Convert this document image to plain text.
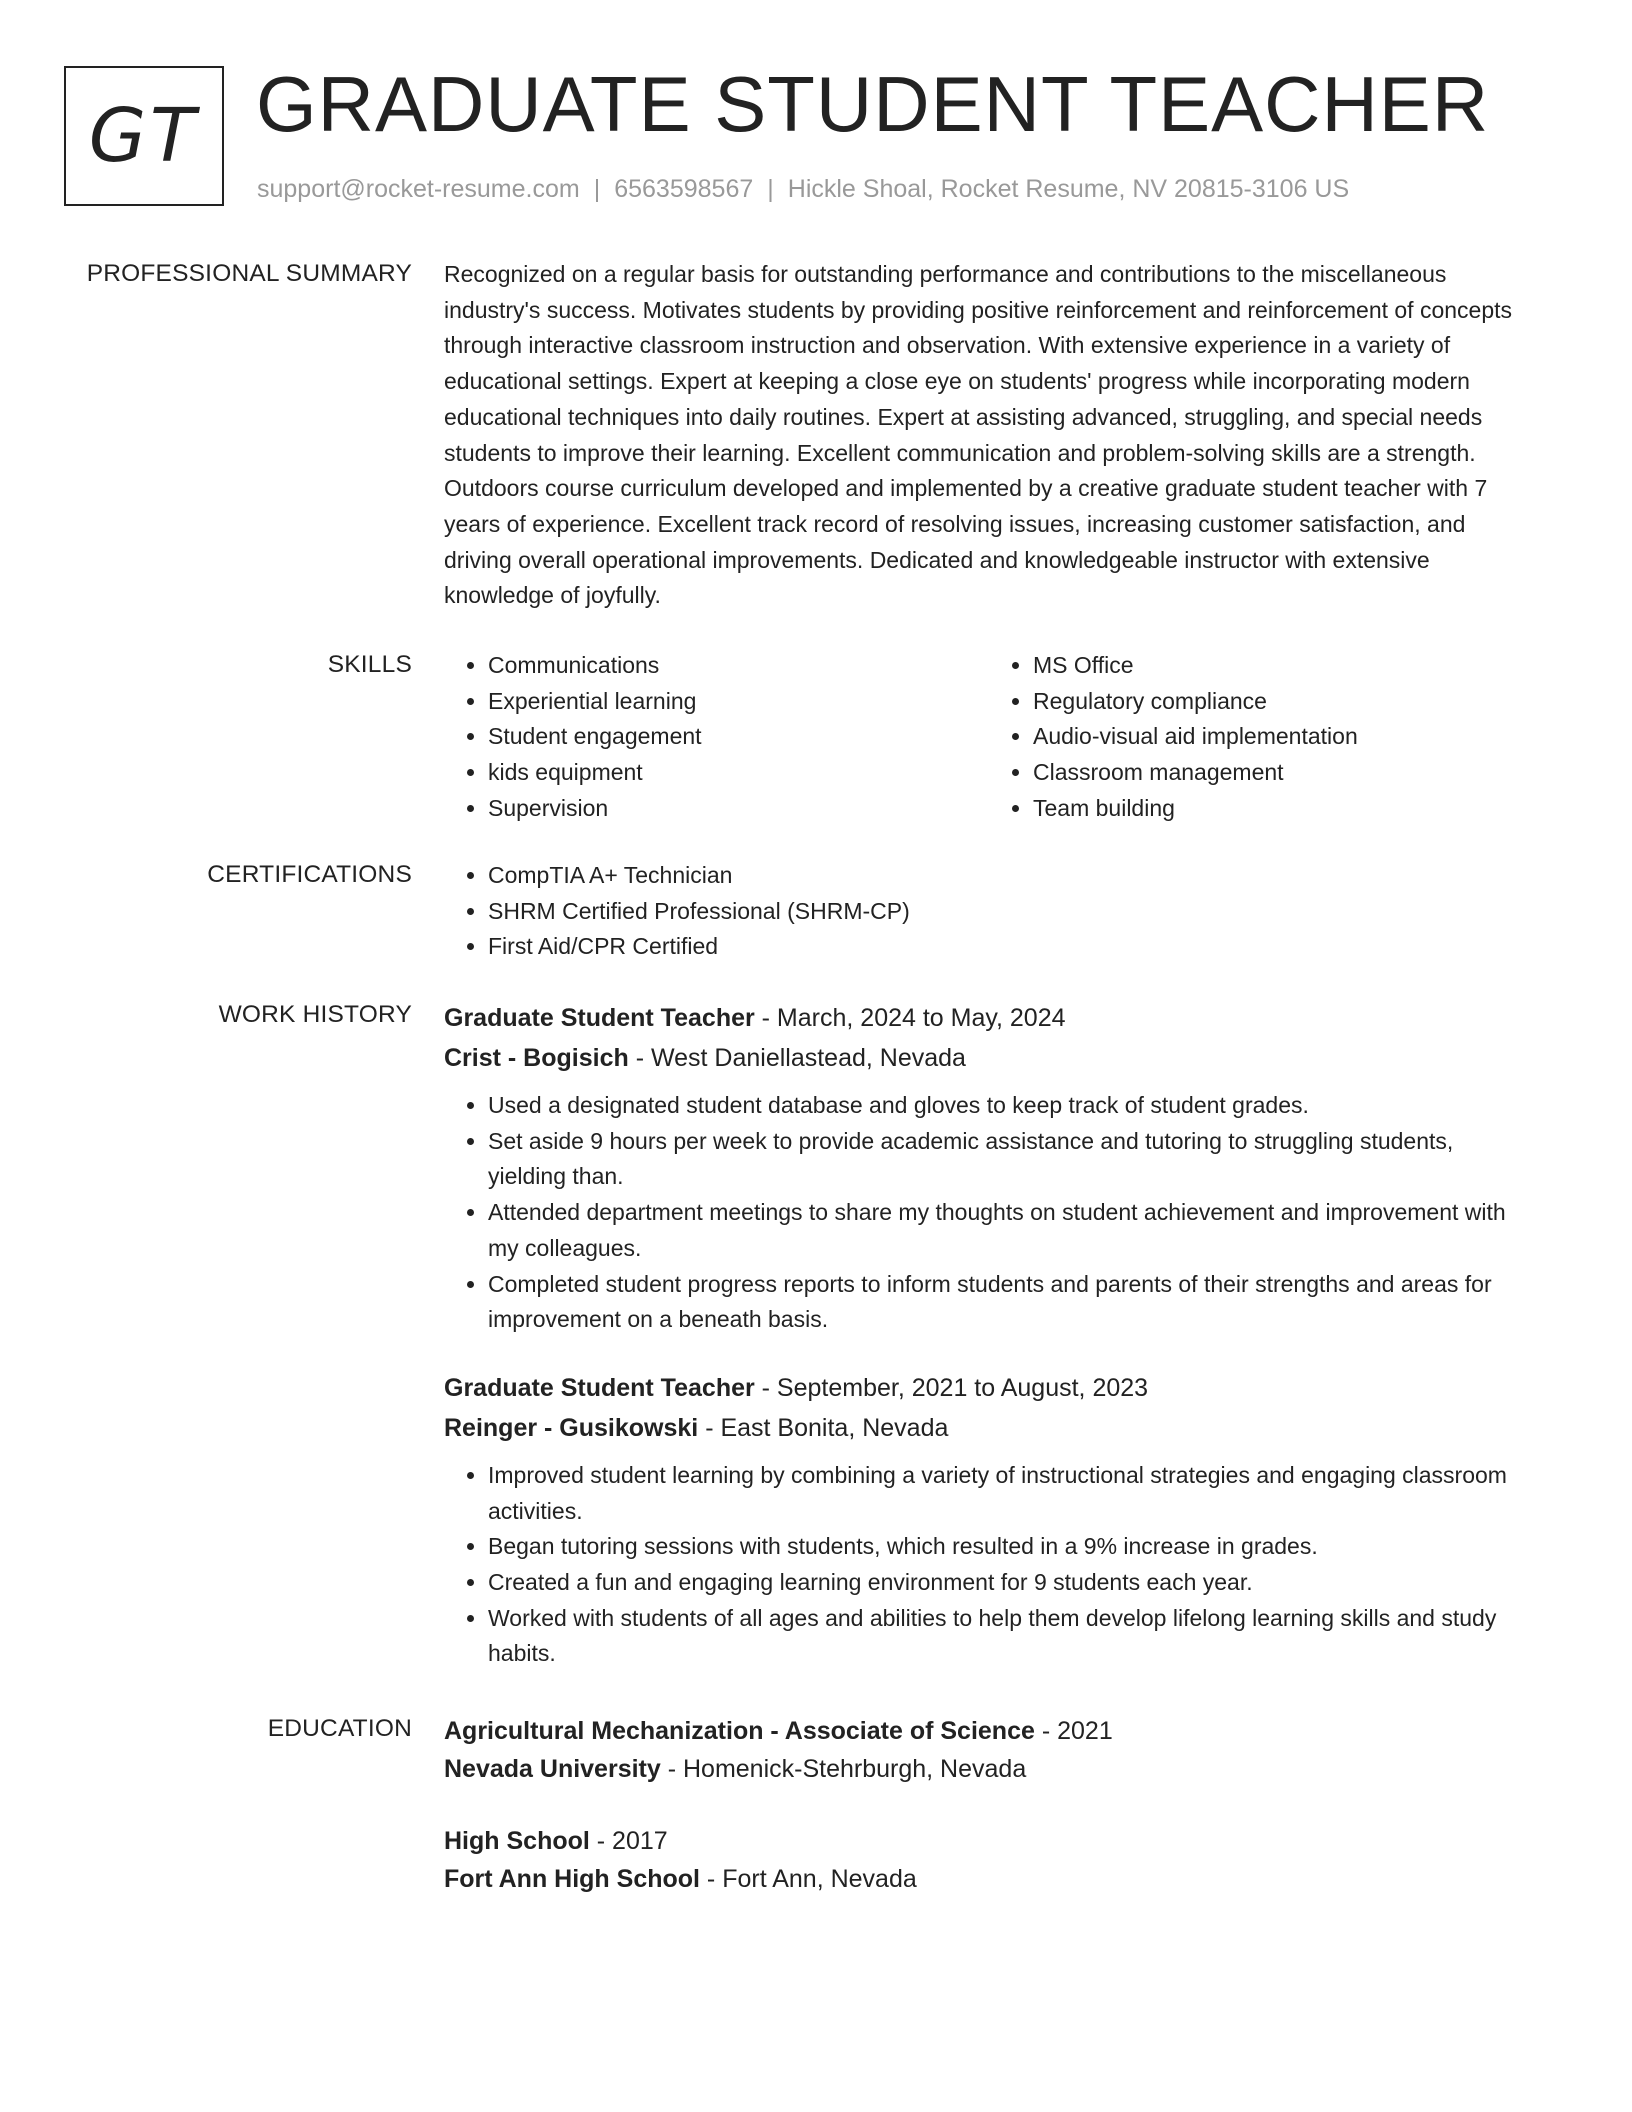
GT GRADUATE STUDENT TEACHER
support@rocket-resume.com | 6563598567 | Hickle Shoal, Rocket Resume, NV 20815-3106 US
PROFESSIONAL SUMMARY Recognized on a regular basis for outstanding performance and contributions to the miscellaneous industry's success. Motivates students by providing positive reinforcement and reinforcement of concepts through interactive classroom instruction and observation. With extensive experience in a variety of educational settings. Expert at keeping a close eye on students' progress while incorporating modern educational techniques into daily routines. Expert at assisting advanced, struggling, and special needs students to improve their learning. Excellent communication and problem-solving skills are a strength. Outdoors course curriculum developed and implemented by a creative graduate student teacher with 7 years of experience. Excellent track record of resolving issues, increasing customer satisfaction, and driving overall operational improvements. Dedicated and knowledgeable instructor with extensive knowledge of joyfully.

SKILLS	• Communications
• Experiential learning
• Student engagement
• kids equipment
• Supervision
• MS Office
• Regulatory compliance
• Audio-visual aid implementation
• Classroom management
• Team building
CERTIFICATIONS	• CompTIA A+ Technician
• SHRM Certified Professional (SHRM-CP)
• First Aid/CPR Certified
WORK HISTORY Graduate Student Teacher - March, 2024 to May, 2024
Crist - Bogisich - West Daniellastead, Nevada
• Used a designated student database and gloves to keep track of student grades.
• Set aside 9 hours per week to provide academic assistance and tutoring to struggling students, yielding than.
• Attended department meetings to share my thoughts on student achievement and improvement with my colleagues.
• Completed student progress reports to inform students and parents of their strengths and areas for improvement on a beneath basis.
Graduate Student Teacher - September, 2021 to August, 2023
Reinger - Gusikowski - East Bonita, Nevada
• Improved student learning by combining a variety of instructional strategies and engaging classroom activities.
• Began tutoring sessions with students, which resulted in a 9% increase in grades.
• Created a fun and engaging learning environment for 9 students each year.
• Worked with students of all ages and abilities to help them develop lifelong learning skills and study habits.
EDUCATION Agricultural Mechanization - Associate of Science - 2021
Nevada University - Homenick-Stehrburgh, Nevada
High School - 2017
Fort Ann High School - Fort Ann, Nevada
